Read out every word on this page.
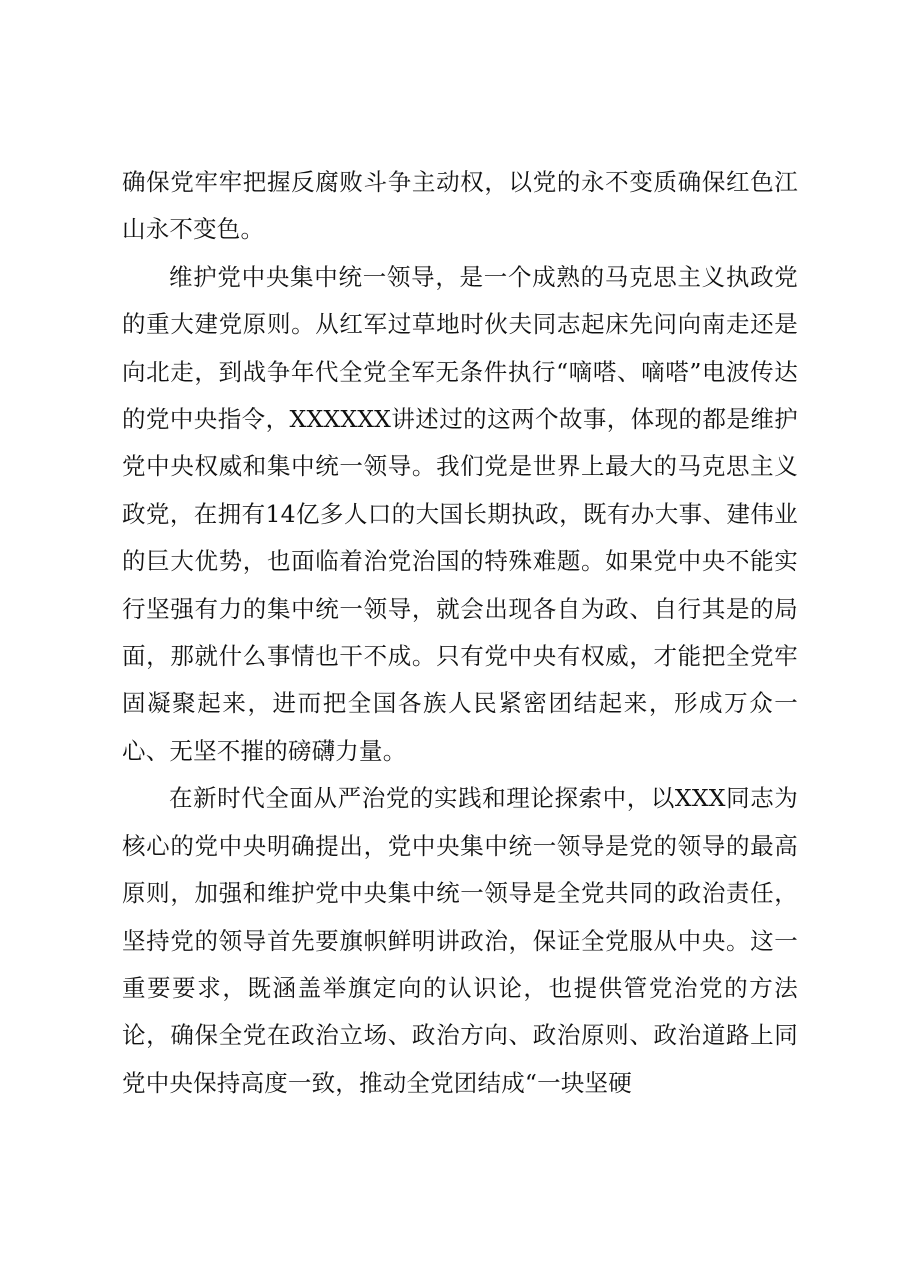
确保党牢牢把握反腐败斗争主动权，以党的永不变质确保红色江山永不变色。

维护党中央集中统一领导，是一个成熟的马克思主义执政党的重大建党原则。从红军过草地时伙夫同志起床先问向南走还是向北走，到战争年代全党全军无条件执行“嘀嗒、嘀嗒”电波传达的党中央指令，XXXXXX讲述过的这两个故事，体现的都是维护党中央权威和集中统一领导。我们党是世界上最大的马克思主义政党，在拥有14亿多人口的大国长期执政，既有办大事、建伟业的巨大优势，也面临着治党治国的特殊难题。如果党中央不能实行坚强有力的集中统一领导，就会出现各自为政、自行其是的局面，那就什么事情也干不成。只有党中央有权威，才能把全党牢固凝聚起来，进而把全国各族人民紧密团结起来，形成万众一心、无坚不摧的磅礴力量。

在新时代全面从严治党的实践和理论探索中，以XXX同志为核心的党中央明确提出，党中央集中统一领导是党的领导的最高原则，加强和维护党中央集中统一领导是全党共同的政治责任，坚持党的领导首先要旗帜鲜明讲政治，保证全党服从中央。这一重要要求，既涵盖举旗定向的认识论，也提供管党治党的方法论，确保全党在政治立场、政治方向、政治原则、政治道路上同党中央保持高度一致，推动全党团结成“一块坚硬
